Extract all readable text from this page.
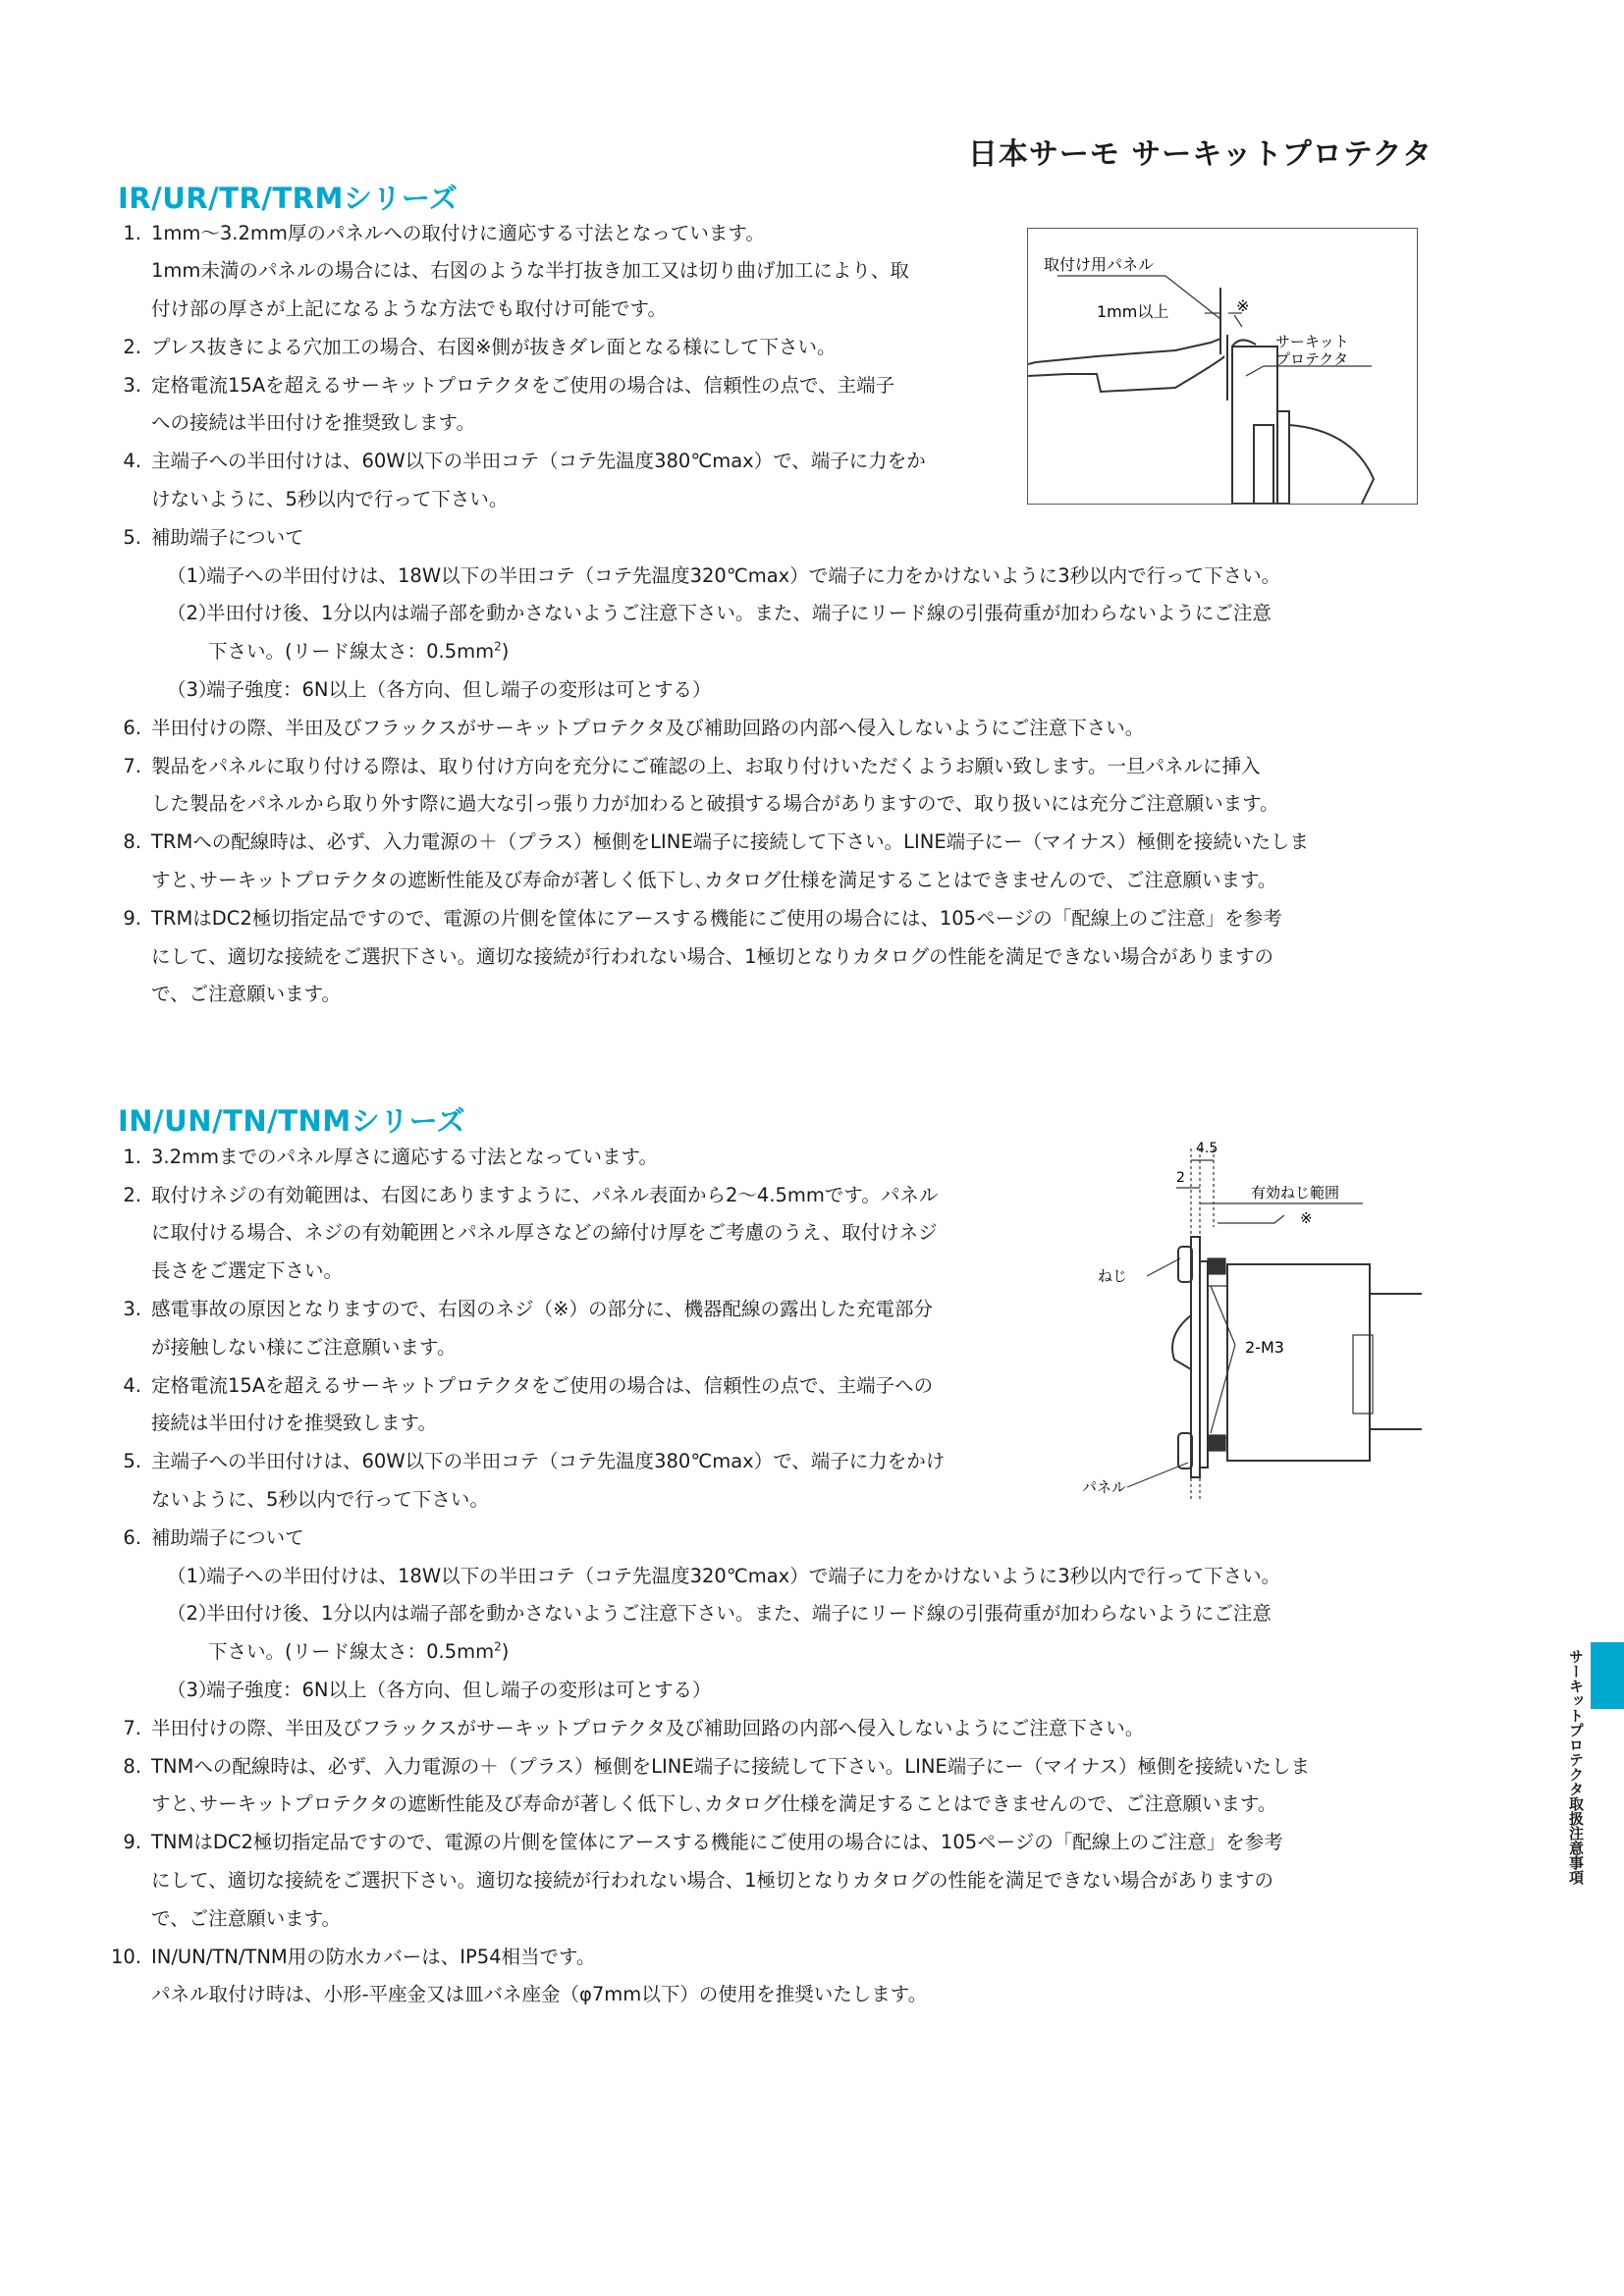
日本サーモ サーキットプロテクタ
IR/UR/TR/TRMシリーズ
1. 1mm〜3.2mm厚のパネルへの取付けに適応する寸法となっています。
1mm未満のパネルの場合には、右図のような半打抜き加工又は切り曲げ加工により、取
付け部の厚さが上記になるような方法でも取付け可能です。
2. プレス抜きによる穴加工の場合、右図※側が抜きダレ面となる様にして下さい。
3. 定格電流15Aを超えるサーキットプロテクタをご使用の場合は、信頼性の点で、主端子
への接続は半田付けを推奨致します。
4. 主端子への半田付けは、60W以下の半田コテ（コテ先温度380℃max）で、端子に力をか
けないように、5秒以内で行って下さい。
5. 補助端子について
（1）端子への半田付けは、18W以下の半田コテ（コテ先温度320℃max）で端子に力をかけないように3秒以内で行って下さい。
（2）半田付け後、1分以内は端子部を動かさないようご注意下さい。また、端子にリード線の引張荷重が加わらないようにご注意
下さい。(リード線太さ：$0.5mm^2$)
（3）端子強度：6N以上（各方向、但し端子の変形は可とする）
6. 半田付けの際、半田及びフラックスがサーキットプロテクタ及び補助回路の内部へ侵入しないようにご注意下さい。
7. 製品をパネルに取り付ける際は、取り付け方向を充分にご確認の上、お取り付けいただくようお願い致します。一旦パネルに挿入
した製品をパネルから取り外す際に過大な引っ張り力が加わると破損する場合がありますので、取り扱いには充分ご注意願います。
8. TRMへの配線時は、必ず、入力電源の＋（プラス）極側をLINE端子に接続して下さい。LINE端子にー（マイナス）極側を接続いたしま
すと､サーキットプロテクタの遮断性能及び寿命が著しく低下し､カタログ仕様を満足することはできませんので、ご注意願います。
9. TRMはDC2極切指定品ですので、電源の片側を筐体にアースする機能にご使用の場合には、105ページの「配線上のご注意」を参考
にして、適切な接続をご選択下さい。適切な接続が行われない場合、1極切となりカタログの性能を満足できない場合がありますの
で、ご注意願います。
取付け用パネル
1mm以上	※
サーキット
プロテクタ
IN/UN/TN/TNMシリーズ
1. 3.2mmまでのパネル厚さに適応する寸法となっています。
2. 取付けネジの有効範囲は、右図にありますように、パネル表面から2〜4.5mmです。パネル
に取付ける場合、ネジの有効範囲とパネル厚さなどの締付け厚をご考慮のうえ、取付けネジ
長さをご選定下さい。
3. 感電事故の原因となりますので、右図のネジ（※）の部分に、機器配線の露出した充電部分
が接触しない様にご注意願います。
4. 定格電流15Aを超えるサーキットプロテクタをご使用の場合は、信頼性の点で、主端子への
接続は半田付けを推奨致します。
5. 主端子への半田付けは、60W以下の半田コテ（コテ先温度380℃max）で、端子に力をかけ
ないように、5秒以内で行って下さい。
6. 補助端子について
（1）端子への半田付けは、18W以下の半田コテ（コテ先温度320℃max）で端子に力をかけないように3秒以内で行って下さい。
（2）半田付け後、1分以内は端子部を動かさないようご注意下さい。また、端子にリード線の引張荷重が加わらないようにご注意
下さい。(リード線太さ：$0.5mm^2$)
（3）端子強度：6N以上（各方向、但し端子の変形は可とする）
7. 半田付けの際、半田及びフラックスがサーキットプロテクタ及び補助回路の内部へ侵入しないようにご注意下さい。
8. TNMへの配線時は、必ず、入力電源の＋（プラス）極側をLINE端子に接続して下さい。LINE端子にー（マイナス）極側を接続いたしま
すと､サーキットプロテクタの遮断性能及び寿命が著しく低下し､カタログ仕様を満足することはできませんので、ご注意願います。
9. TNMはDC2極切指定品ですので、電源の片側を筐体にアースする機能にご使用の場合には、105ページの「配線上のご注意」を参考
にして、適切な接続をご選択下さい。適切な接続が行われない場合、1極切となりカタログの性能を満足できない場合がありますの
で、ご注意願います。
10. IN/UN/TN/TNM用の防水カバーは、IP54相当です。
パネル取付け時は、小形-平座金又は皿バネ座金（φ7mm以下）の使用を推奨いたします。
4.5
2
有効ねじ範囲
※
ねじ
2-M3
パネル
サーキットプロテクタ取扱注意事項
